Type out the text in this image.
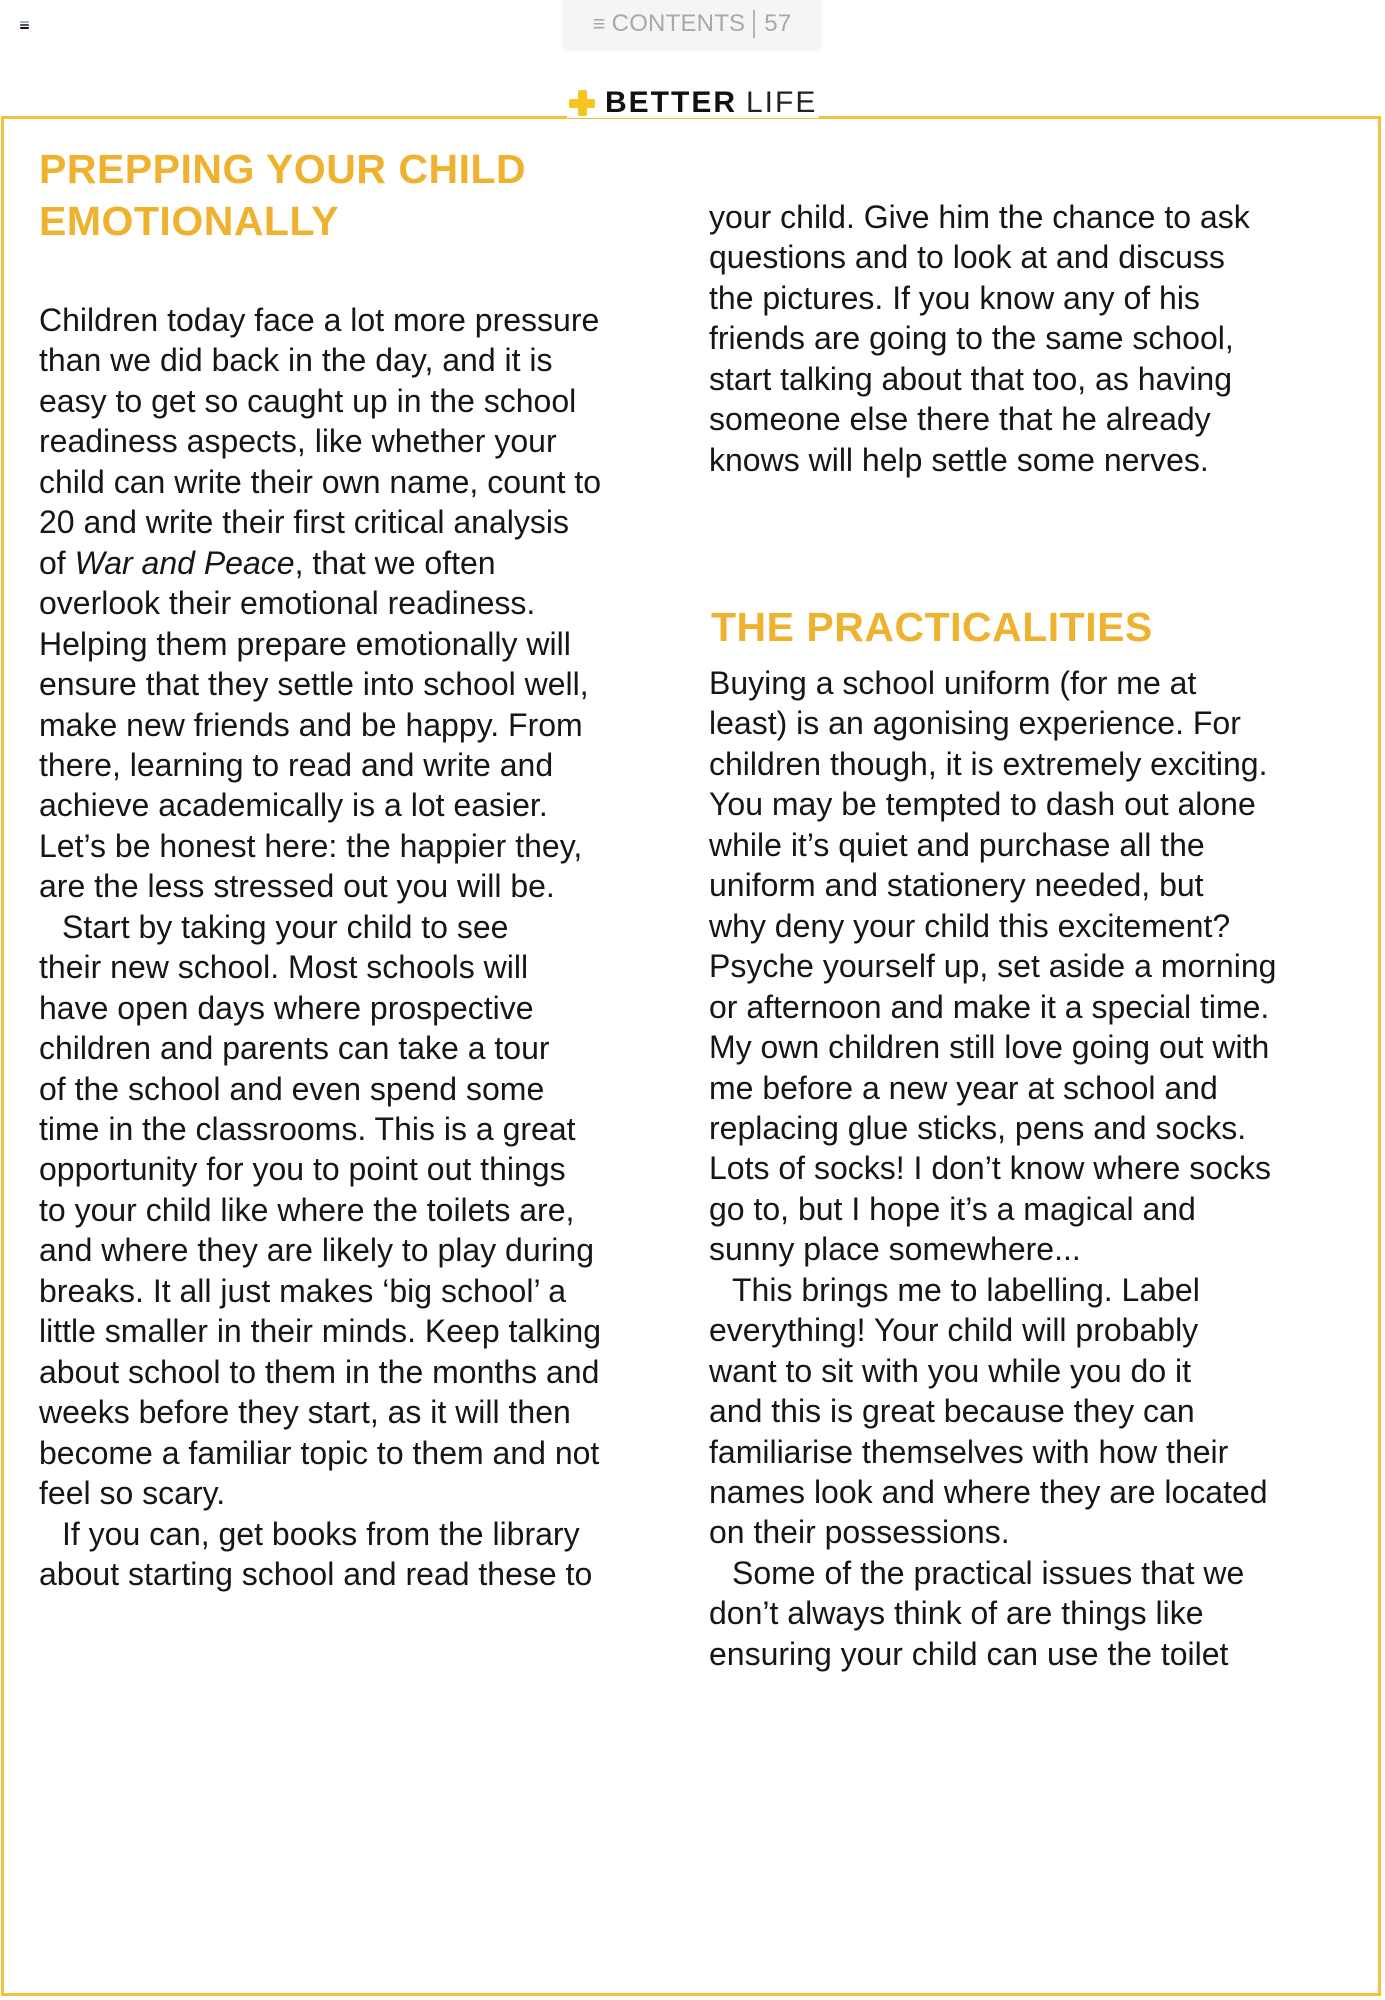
≡ CONTENTS 57
BETTER LIFE
PREPPING YOUR CHILD
EMOTIONALLY
Children today face a lot more pressure
than we did back in the day, and it is
easy to get so caught up in the school
readiness aspects, like whether your
child can write their own name, count to
20 and write their first critical analysis
of War and Peace, that we often
overlook their emotional readiness.
Helping them prepare emotionally will
ensure that they settle into school well,
make new friends and be happy. From
there, learning to read and write and
achieve academically is a lot easier.
Let’s be honest here: the happier they,
are the less stressed out you will be.
Start by taking your child to see
their new school. Most schools will
have open days where prospective
children and parents can take a tour
of the school and even spend some
time in the classrooms. This is a great
opportunity for you to point out things
to your child like where the toilets are,
and where they are likely to play during
breaks. It all just makes ‘big school’ a
little smaller in their minds. Keep talking
about school to them in the months and
weeks before they start, as it will then
become a familiar topic to them and not
feel so scary.
If you can, get books from the library
about starting school and read these to
your child. Give him the chance to ask
questions and to look at and discuss
the pictures. If you know any of his
friends are going to the same school,
start talking about that too, as having
someone else there that he already
knows will help settle some nerves.
THE PRACTICALITIES
Buying a school uniform (for me at
least) is an agonising experience. For
children though, it is extremely exciting.
You may be tempted to dash out alone
while it’s quiet and purchase all the
uniform and stationery needed, but
why deny your child this excitement?
Psyche yourself up, set aside a morning
or afternoon and make it a special time.
My own children still love going out with
me before a new year at school and
replacing glue sticks, pens and socks.
Lots of socks! I don’t know where socks
go to, but I hope it’s a magical and
sunny place somewhere...
This brings me to labelling. Label
everything! Your child will probably
want to sit with you while you do it
and this is great because they can
familiarise themselves with how their
names look and where they are located
on their possessions.
Some of the practical issues that we
don’t always think of are things like
ensuring your child can use the toilet
